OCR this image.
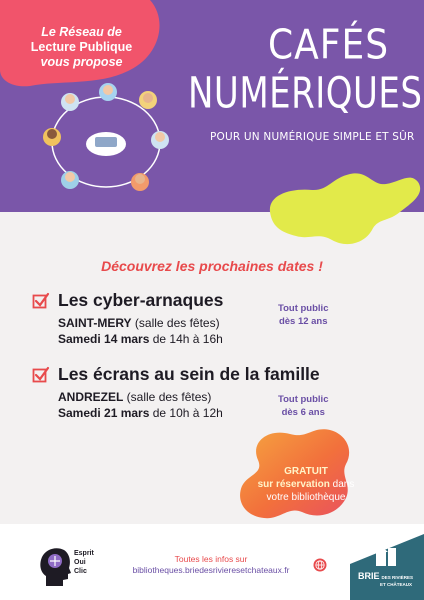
Le Réseau de
Lecture Publique
vous propose	CAFÉS
NUMÉRIQUES
POUR UN NUMÉRIQUE SIMPLE ET SÛR
Découvrez les prochaines dates !
Les cyber-arnaques
SAINT-MERY (salle des fêtes)
Samedi 14 mars de 14h à 16h
Tout public
dès 12 ans
Les écrans au sein de la famille
ANDREZEL (salle des fêtes)
Samedi 21 mars de 10h à 12h
Tout public
dès 6 ans
GRATUIT
sur réservation dans
votre bibliothèque
Esprit
Oui
Clic
Toutes les infos sur
bibliotheques.briedesrivieresetchateaux.fr
BRIE DES RIVIÈRES
ET CHÂTEAUX
